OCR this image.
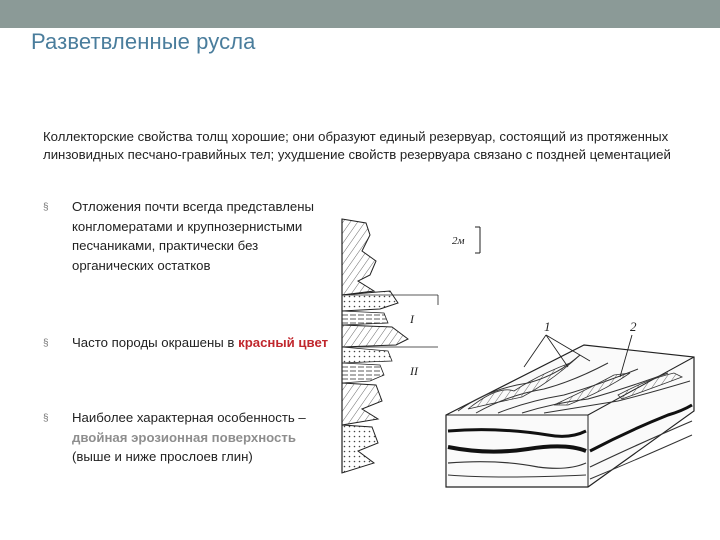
Разветвленные русла

Коллекторские свойства толщ хорошие; они образуют единый резервуар, состоящий из протяженных линзовидных песчано-гравийных тел; ухудшение свойств резервуара связано с поздней цементацией

§ Отложения почти всегда представлены конгломератами и крупнозернистыми песчаниками, практически без органических остатков
§ Часто породы окрашены в красный цвет
§ Наиболее характерная особенность – двойная эрозионная поверхность (выше и ниже прослоев глин)
2м
I
II
1	2
